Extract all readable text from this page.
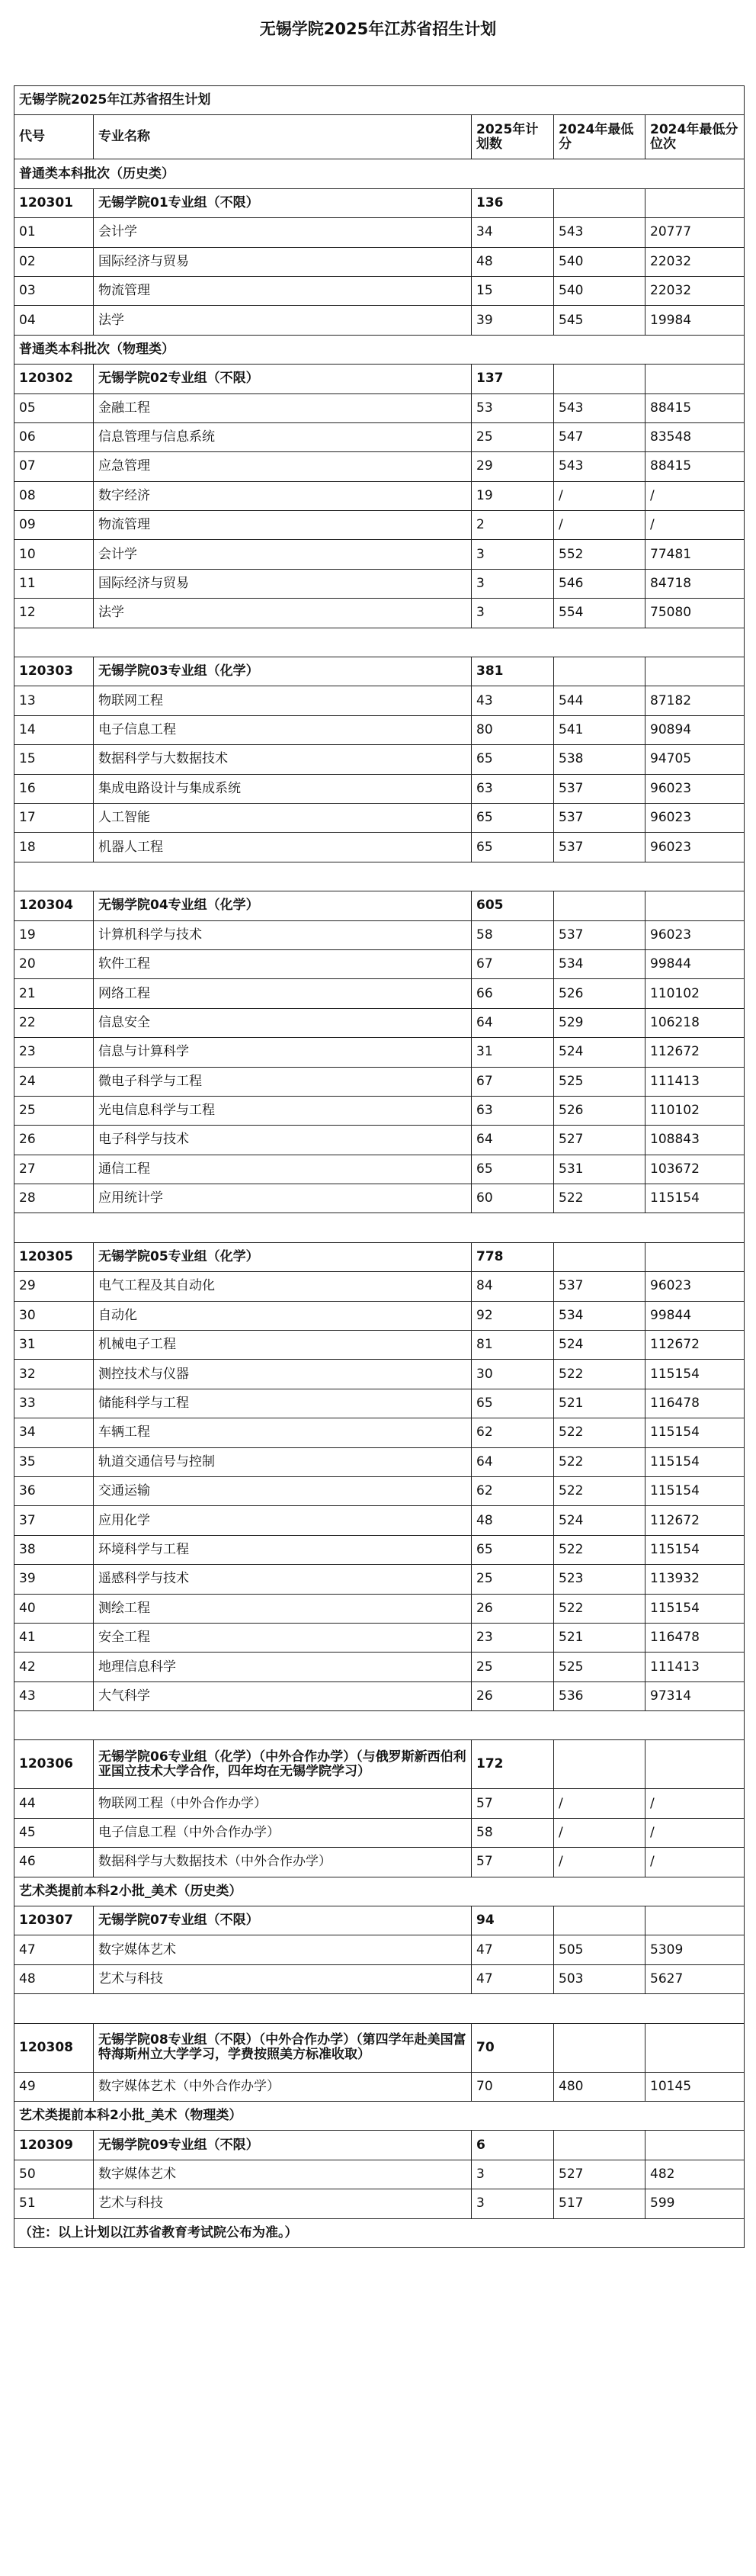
无锡学院2025年江苏省招生计划
无锡学院2025年江苏省招生计划				
代号	专业名称	2025年计划数	2024年最低分	2024年最低分位次
普通类本科批次（历史类）				
120301	无锡学院01专业组（不限）	136		
01	会计学	34	543	20777
02	国际经济与贸易	48	540	22032
03	物流管理	15	540	22032
04	法学	39	545	19984
普通类本科批次（物理类）				
120302	无锡学院02专业组（不限）	137		
05	金融工程	53	543	88415
06	信息管理与信息系统	25	547	83548
07	应急管理	29	543	88415
08	数字经济	19	/	/
09	物流管理	2	/	/
10	会计学	3	552	77481
11	国际经济与贸易	3	546	84718
12	法学	3	554	75080

120303	无锡学院03专业组（化学）	381		
13	物联网工程	43	544	87182
14	电子信息工程	80	541	90894
15	数据科学与大数据技术	65	538	94705
16	集成电路设计与集成系统	63	537	96023
17	人工智能	65	537	96023
18	机器人工程	65	537	96023

120304	无锡学院04专业组（化学）	605		
19	计算机科学与技术	58	537	96023
20	软件工程	67	534	99844
21	网络工程	66	526	110102
22	信息安全	64	529	106218
23	信息与计算科学	31	524	112672
24	微电子科学与工程	67	525	111413
25	光电信息科学与工程	63	526	110102
26	电子科学与技术	64	527	108843
27	通信工程	65	531	103672
28	应用统计学	60	522	115154

120305	无锡学院05专业组（化学）	778		
29	电气工程及其自动化	84	537	96023
30	自动化	92	534	99844
31	机械电子工程	81	524	112672
32	测控技术与仪器	30	522	115154
33	储能科学与工程	65	521	116478
34	车辆工程	62	522	115154
35	轨道交通信号与控制	64	522	115154
36	交通运输	62	522	115154
37	应用化学	48	524	112672
38	环境科学与工程	65	522	115154
39	遥感科学与技术	25	523	113932
40	测绘工程	26	522	115154
41	安全工程	23	521	116478
42	地理信息科学	25	525	111413
43	大气科学	26	536	97314

120306	无锡学院06专业组（化学）（中外合作办学）（与俄罗斯新西伯利亚国立技术大学合作，四年均在无锡学院学习）	172		
44	物联网工程（中外合作办学）	57	/	/
45	电子信息工程（中外合作办学）	58	/	/
46	数据科学与大数据技术（中外合作办学）	57	/	/
艺术类提前本科2小批_美术（历史类）				
120307	无锡学院07专业组（不限）	94		
47	数字媒体艺术	47	505	5309
48	艺术与科技	47	503	5627

120308	无锡学院08专业组（不限）（中外合作办学）（第四学年赴美国富特海斯州立大学学习，学费按照美方标准收取）	70		
49	数字媒体艺术（中外合作办学）	70	480	10145
艺术类提前本科2小批_美术（物理类）				
120309	无锡学院09专业组（不限）	6		
50	数字媒体艺术	3	527	482
51	艺术与科技	3	517	599
（注：以上计划以江苏省教育考试院公布为准。）				
